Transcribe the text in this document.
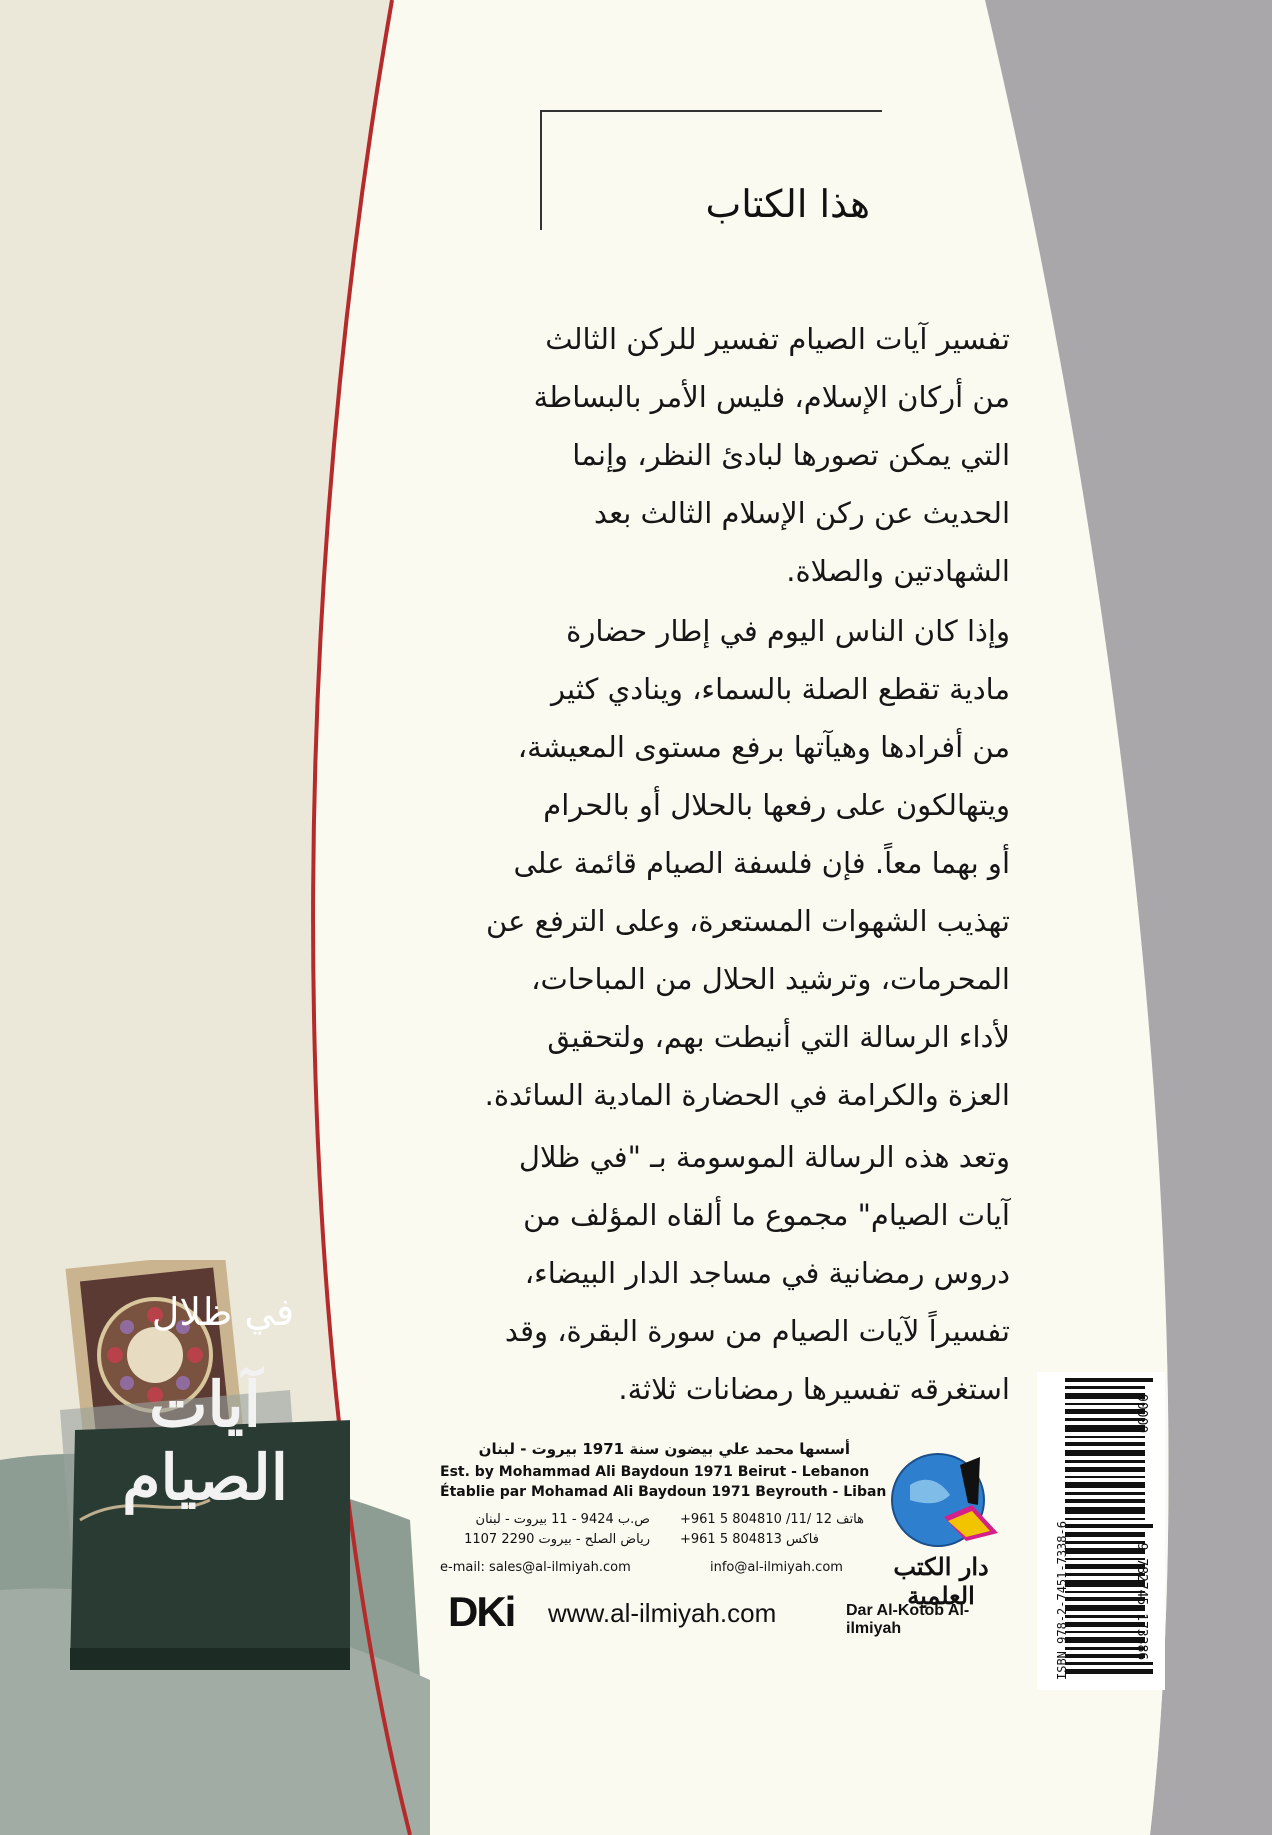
هذا الكتاب
تفسير آيات الصيام تفسير للركن الثالث
من أركان الإسلام، فليس الأمر بالبساطة
التي يمكن تصورها لبادئ النظر، وإنما
الحديث عن ركن الإسلام الثالث بعد
الشهادتين والصلاة.
وإذا كان الناس اليوم في إطار حضارة
مادية تقطع الصلة بالسماء، وينادي كثير
من أفرادها وهيآتها برفع مستوى المعيشة،
ويتهالكون على رفعها بالحلال أو بالحرام
أو بهما معاً. فإن فلسفة الصيام قائمة على
تهذيب الشهوات المستعرة، وعلى الترفع عن
المحرمات، وترشيد الحلال من المباحات،
لأداء الرسالة التي أنيطت بهم، ولتحقيق
العزة والكرامة في الحضارة المادية السائدة.
وتعد هذه الرسالة الموسومة بـ "في ظلال
آيات الصيام" مجموع ما ألقاه المؤلف من
دروس رمضانية في مساجد الدار البيضاء،
تفسيراً لآيات الصيام من سورة البقرة، وقد
استغرقه تفسيرها رمضانات ثلاثة.
في ظلال
آيات الصيام
ISBN 978-2-7451-7338-6
90000              9 782745 173386
دار الكتب العلمية
أسسها محمد علي بيضون سنة 1971 بيروت - لبنان
Est. by Mohammad Ali Baydoun 1971 Beirut - Lebanon
Établie par Mohamad Ali Baydoun 1971 Beyrouth - Liban
+961 5 804810 /11/ 12 هاتف
+961 5 804813 فاكس
ص.ب 9424 - 11 بيروت - لبنان
رياض الصلح - بيروت 2290 1107
e-mail: sales@al-ilmiyah.com	info@al-ilmiyah.com
DKi www.al-ilmiyah.com	Dar Al-Kotob Al-ilmiyah
